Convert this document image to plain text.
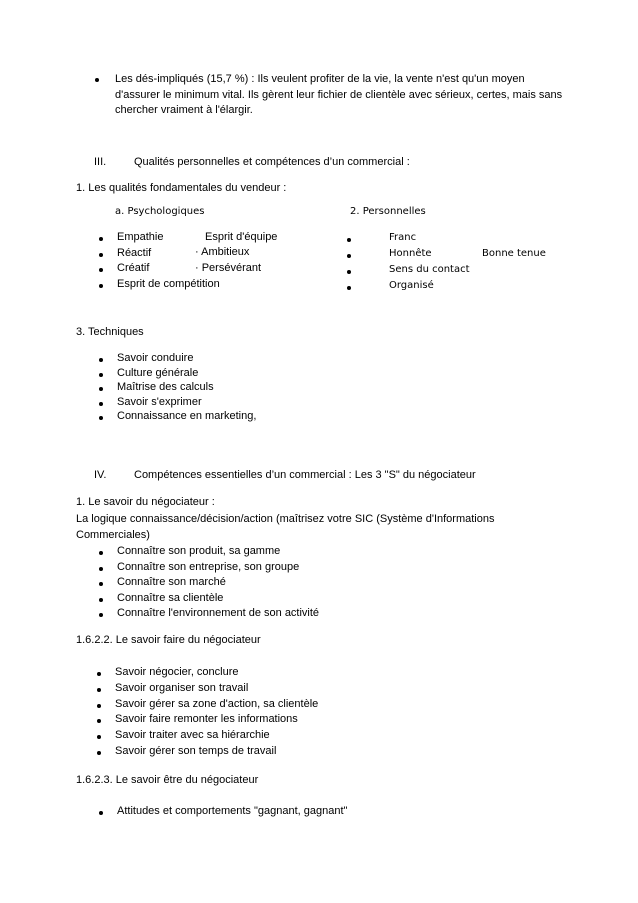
Les dés-impliqués (15,7 %) : Ils veulent profiter de la vie, la vente n'est qu'un moyen d'assurer le minimum vital. Ils gèrent leur fichier de clientèle avec sérieux, certes, mais sans chercher vraiment à l'élargir.
III.	Qualités personnelles et compétences d’un commercial :
1. Les qualités fondamentales du vendeur :
a. Psychologiques
Empathie
Réactif
Créatif
Esprit de compétition
Esprit d'équipe
· Ambitieux
· Persévérant
2. Personnelles
Franc
Honnête
Sens du contact
Organisé
Bonne tenue
3. Techniques
Savoir conduire
Culture générale
Maîtrise des calculs
Savoir s'exprimer
Connaissance en marketing,
IV.	Compétences essentielles d’un commercial : Les 3 "S" du négociateur
1. Le savoir du négociateur :
La logique connaissance/décision/action (maîtrisez votre SIC (Système d'Informations
Commerciales)
Connaître son produit, sa gamme
Connaître son entreprise, son groupe
Connaître son marché
Connaître sa clientèle
Connaître l'environnement de son activité
1.6.2.2. Le savoir faire du négociateur
Savoir négocier, conclure
Savoir organiser son travail
Savoir gérer sa zone d'action, sa clientèle
Savoir faire remonter les informations
Savoir traiter avec sa hiérarchie
Savoir gérer son temps de travail
1.6.2.3. Le savoir être du négociateur
Attitudes et comportements "gagnant, gagnant"
